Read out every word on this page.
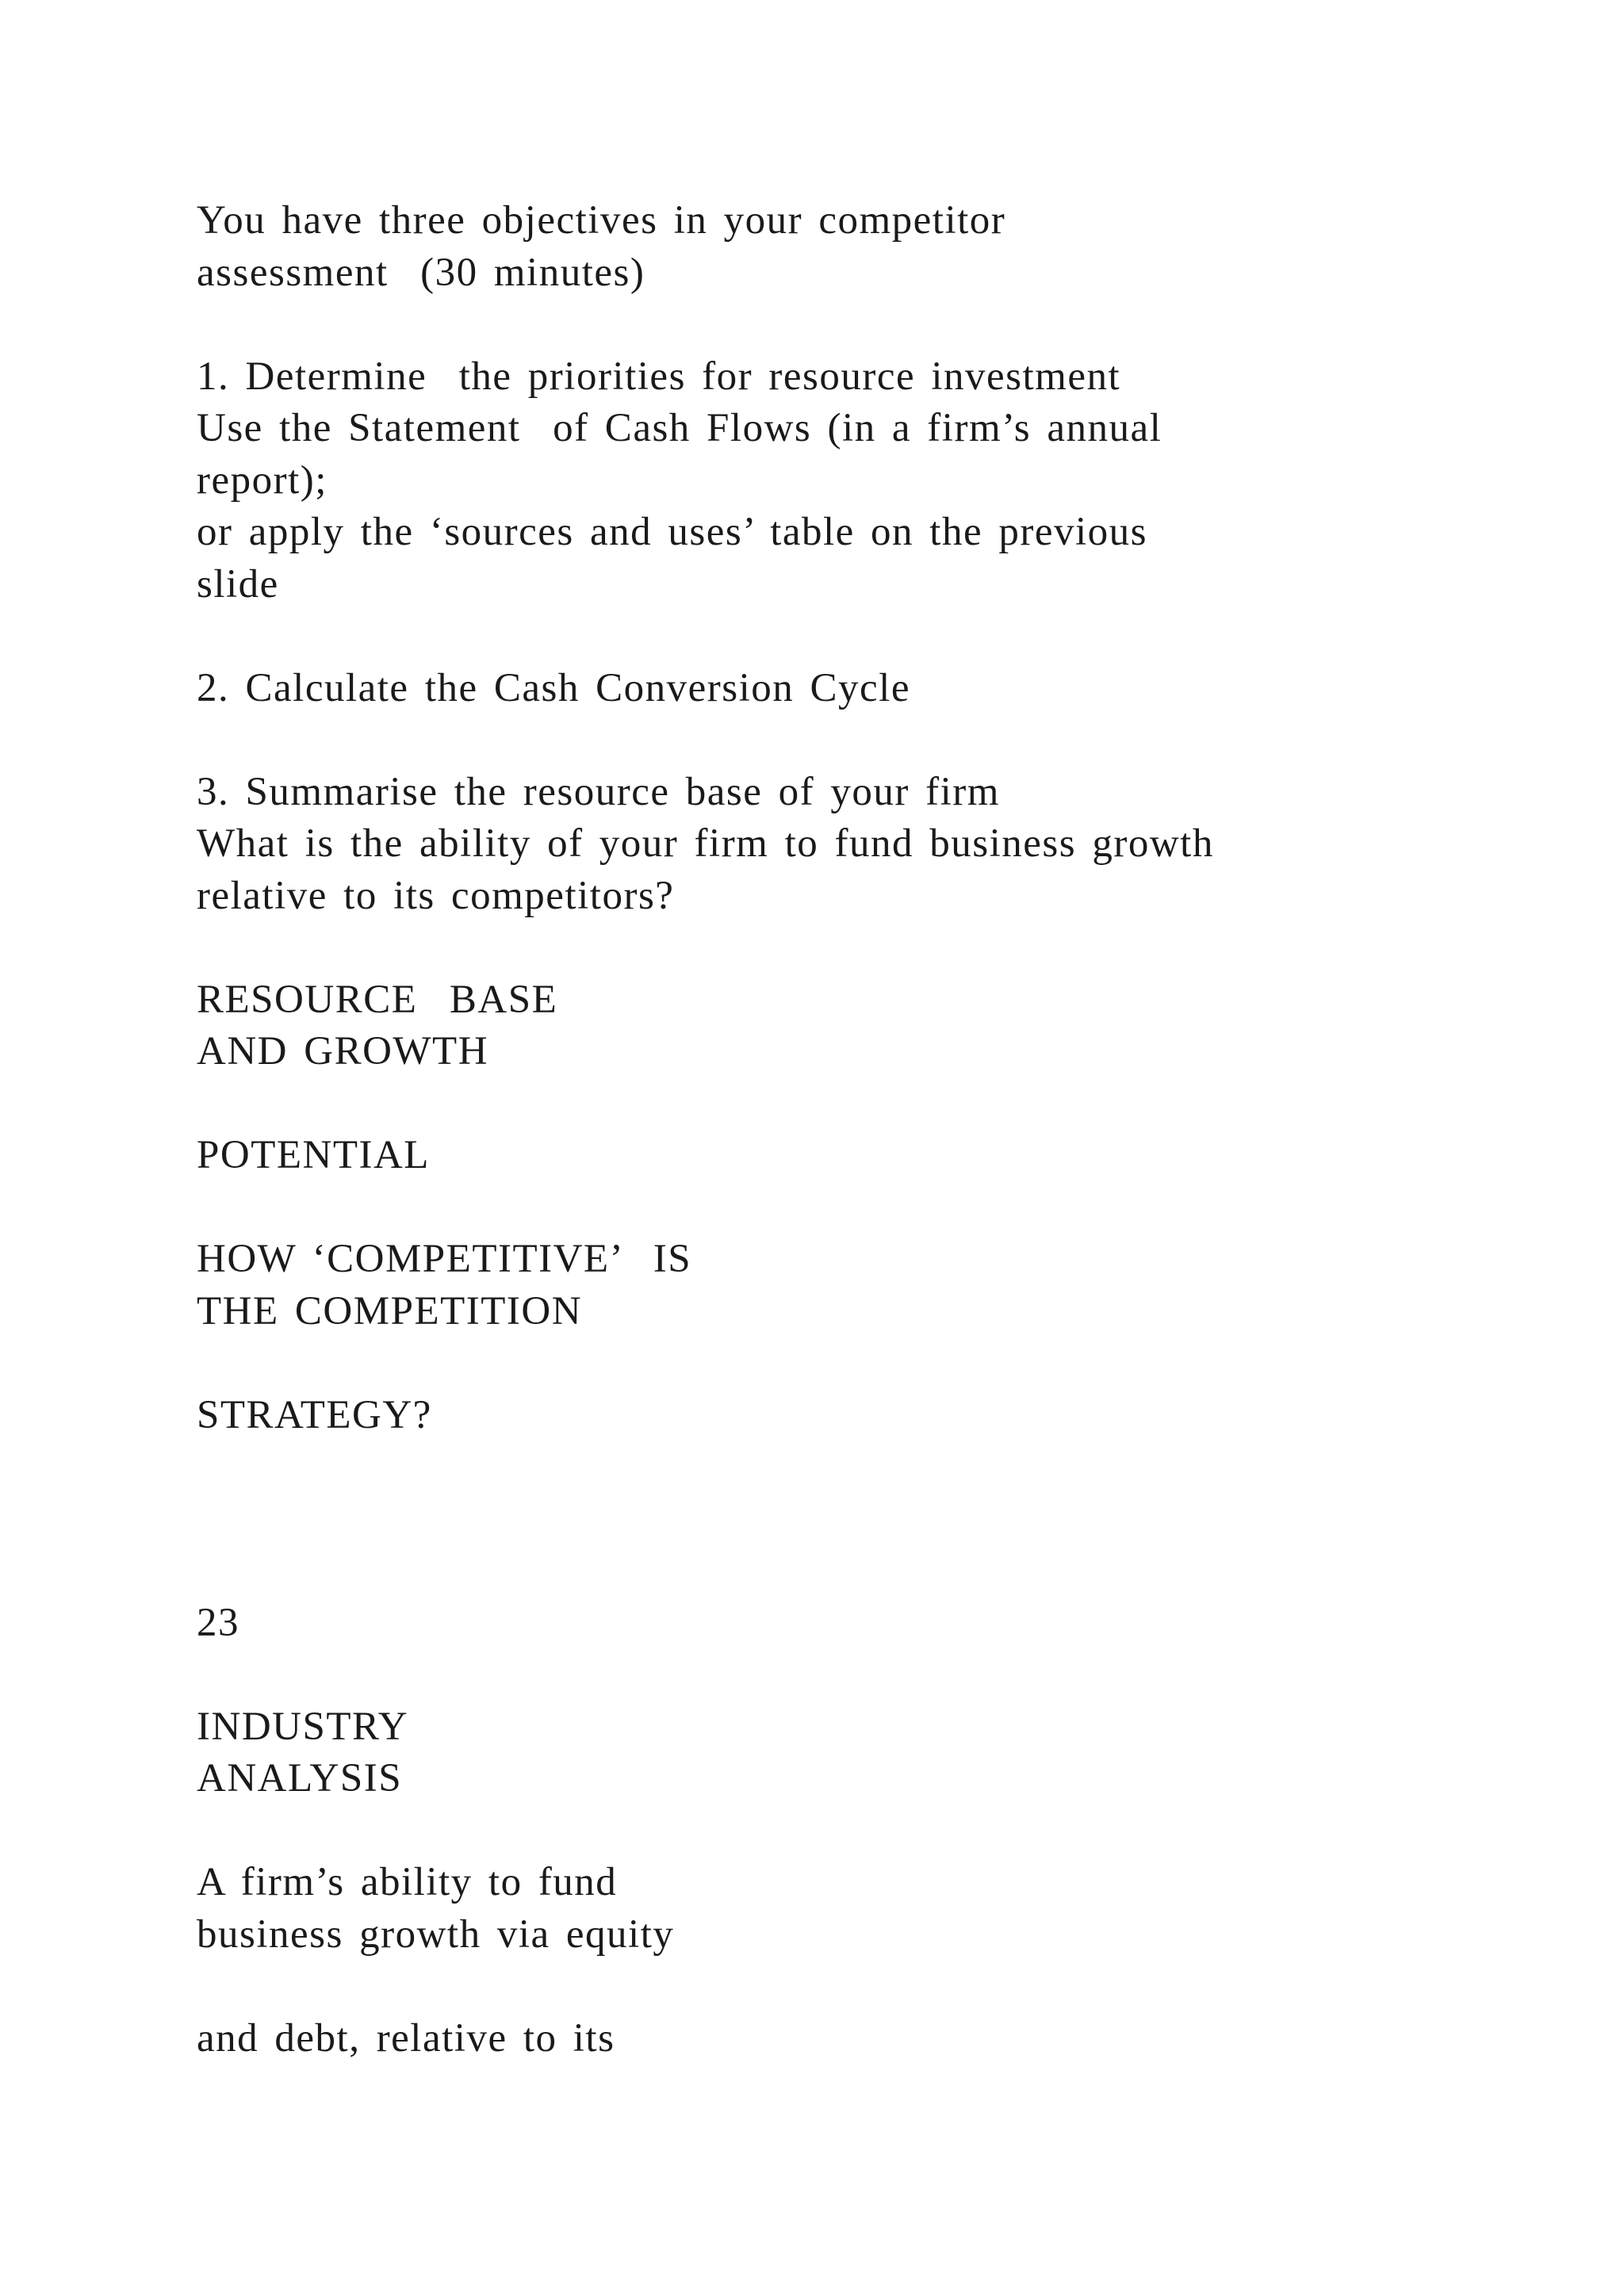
You have three objectives in your competitor
assessment  (30 minutes)
1. Determine  the priorities for resource investment
Use the Statement  of Cash Flows (in a firm’s annual
report);
or apply the ‘sources and uses’ table on the previous
slide
2. Calculate the Cash Conversion Cycle
3. Summarise the resource base of your firm
What is the ability of your firm to fund business growth
relative to its competitors?
RESOURCE  BASE
AND GROWTH
POTENTIAL
HOW ‘COMPETITIVE’  IS
THE COMPETITION
STRATEGY?
23
INDUSTRY
ANALYSIS
A firm’s ability to fund
business growth via equity
and debt, relative to its
